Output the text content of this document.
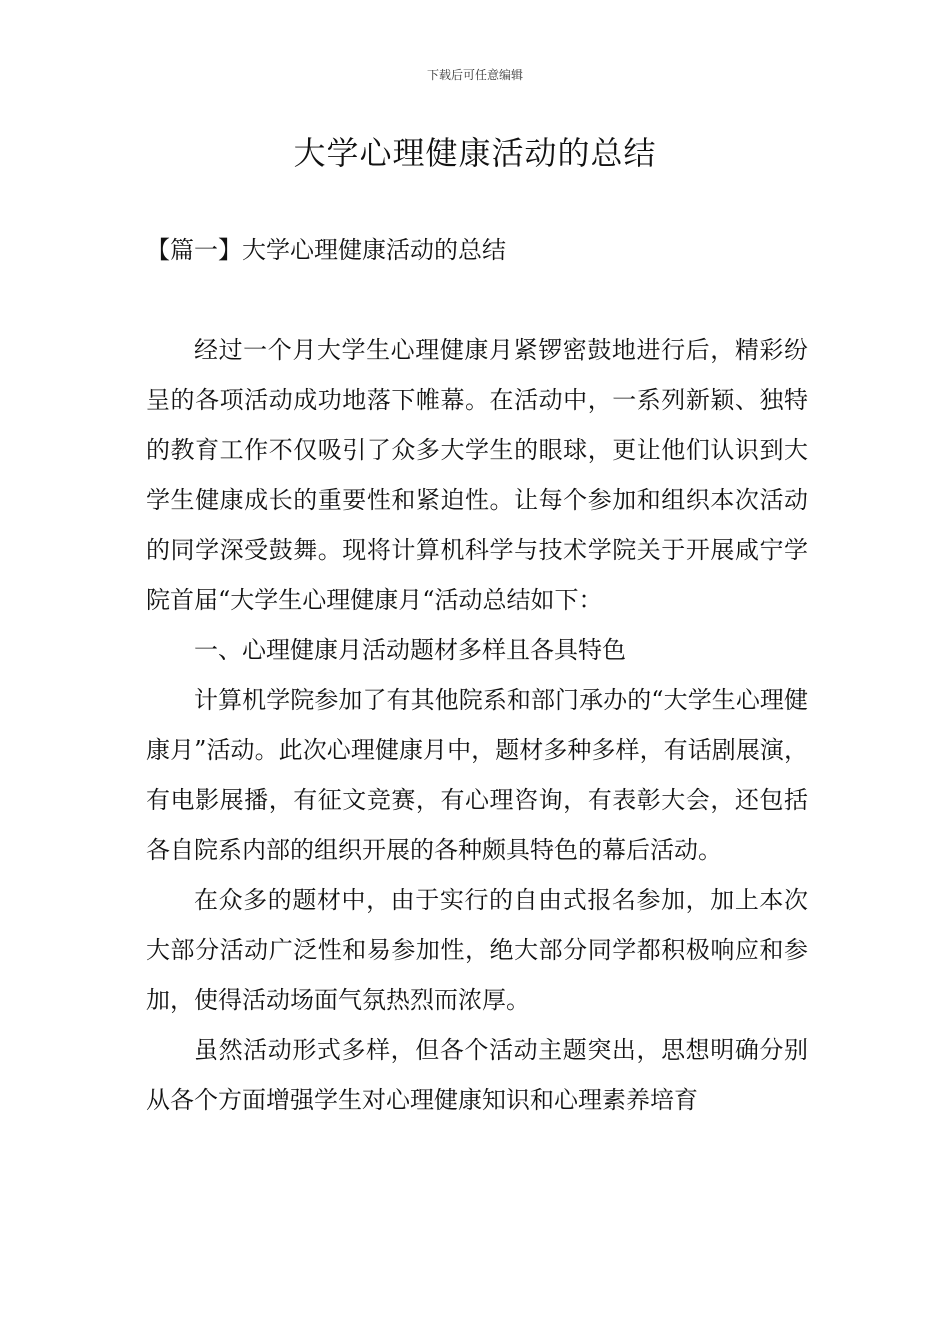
下载后可任意编辑
大学心理健康活动的总结
【篇一】大学心理健康活动的总结

经过一个月大学生心理健康月紧锣密鼓地进行后，精彩纷呈的各项活动成功地落下帷幕。在活动中，一系列新颖、独特的教育工作不仅吸引了众多大学生的眼球，更让他们认识到大学生健康成长的重要性和紧迫性。让每个参加和组织本次活动的同学深受鼓舞。现将计算机科学与技术学院关于开展咸宁学院首届“大学生心理健康月“活动总结如下：

一、心理健康月活动题材多样且各具特色

计算机学院参加了有其他院系和部门承办的“大学生心理健康月”活动。此次心理健康月中，题材多种多样，有话剧展演，有电影展播，有征文竞赛，有心理咨询，有表彰大会，还包括各自院系内部的组织开展的各种颇具特色的幕后活动。

在众多的题材中，由于实行的自由式报名参加，加上本次大部分活动广泛性和易参加性，绝大部分同学都积极响应和参加，使得活动场面气氛热烈而浓厚。

虽然活动形式多样，但各个活动主题突出，思想明确分别从各个方面增强学生对心理健康知识和心理素养培育
